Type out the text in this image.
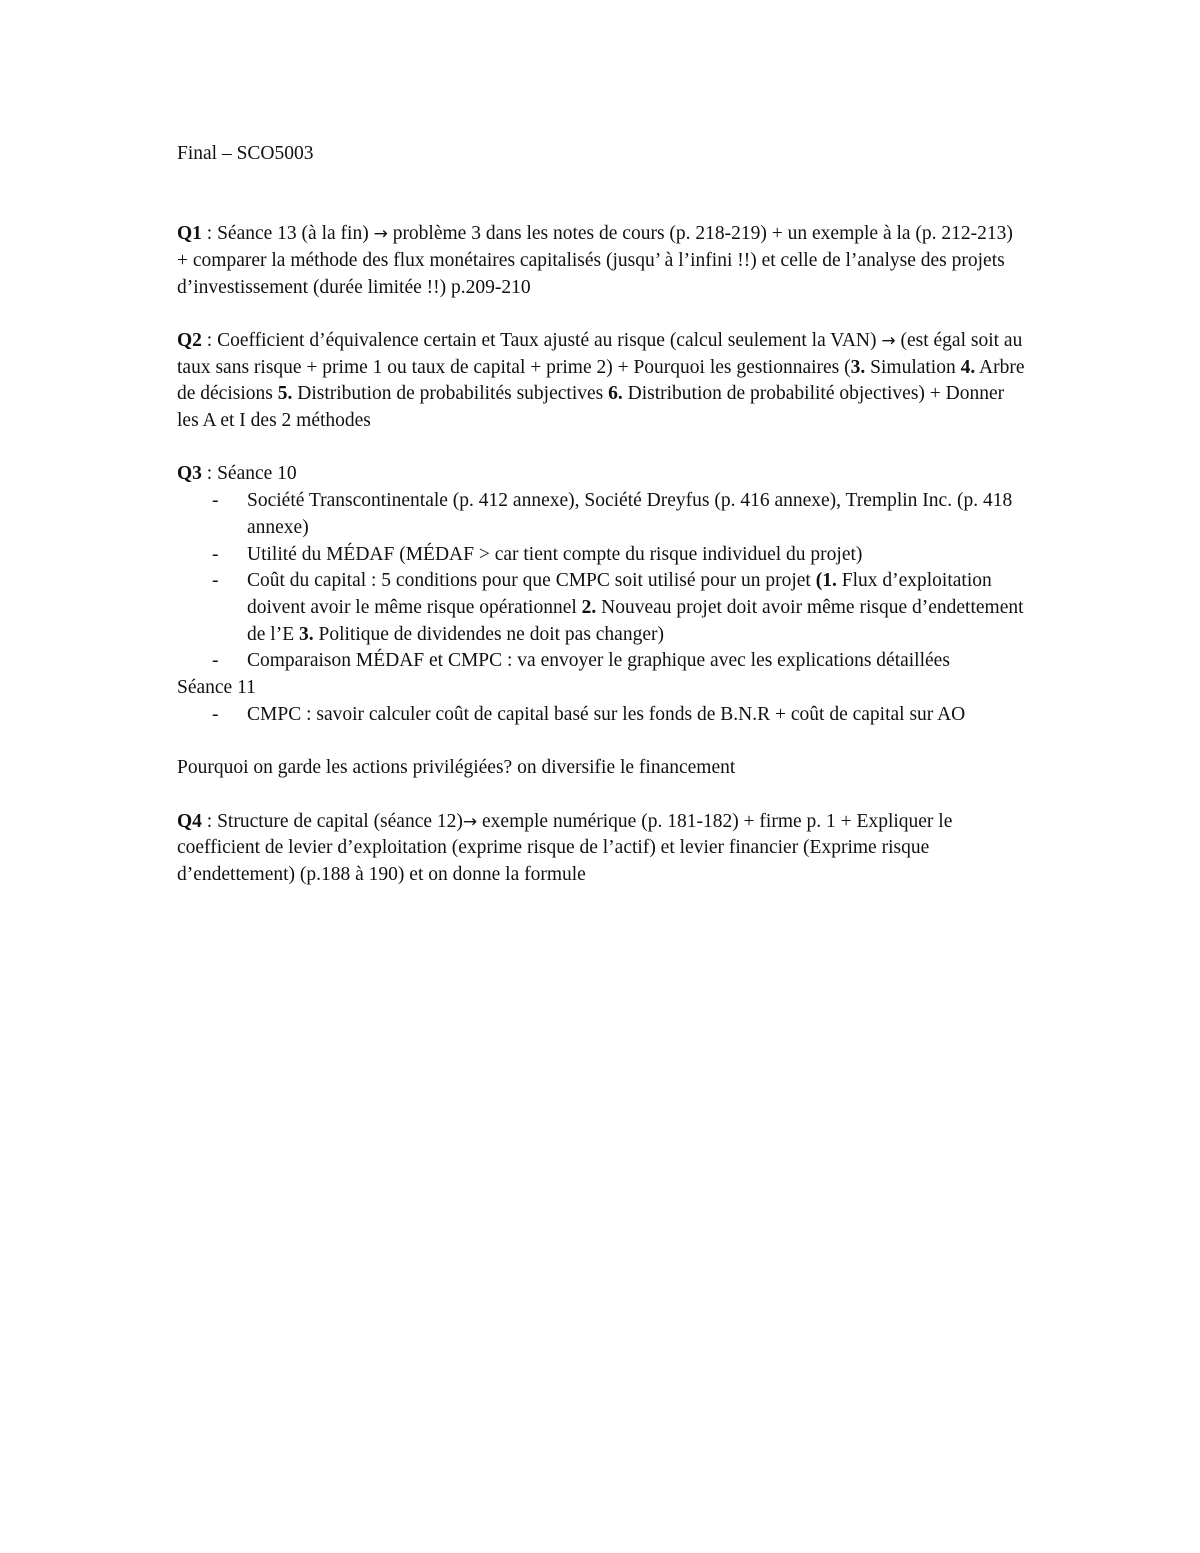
Final – SCO5003

Q1 : Séance 13 (à la fin) → problème 3 dans les notes de cours (p. 218-219) + un exemple à la (p. 212-213) + comparer la méthode des flux monétaires capitalisés (jusqu’ à l’infini !!) et celle de l’analyse des projets d’investissement (durée limitée !!) p.209-210

Q2 : Coefficient d’équivalence certain et Taux ajusté au risque (calcul seulement la VAN) → (est égal soit au taux sans risque + prime 1 ou taux de capital + prime 2) + Pourquoi les gestionnaires (3. Simulation 4. Arbre de décisions 5. Distribution de probabilités subjectives 6. Distribution de probabilité objectives) + Donner les A et I des 2 méthodes

Q3 : Séance 10

- Société Transcontinentale (p. 412 annexe), Société Dreyfus (p. 416 annexe), Tremplin Inc. (p. 418 annexe)
- Utilité du MÉDAF (MÉDAF > car tient compte du risque individuel du projet)
- Coût du capital : 5 conditions pour que CMPC soit utilisé pour un projet (1. Flux d’exploitation doivent avoir le même risque opérationnel 2. Nouveau projet doit avoir même risque d’endettement de l’E 3. Politique de dividendes ne doit pas changer)
- Comparaison MÉDAF et CMPC : va envoyer le graphique avec les explications détaillées

Séance 11

- CMPC : savoir calculer coût de capital basé sur les fonds de B.N.R + coût de capital sur AO

Pourquoi on garde les actions privilégiées? on diversifie le financement

Q4 : Structure de capital (séance 12)→ exemple numérique (p. 181-182) + firme p. 1 + Expliquer le coefficient de levier d’exploitation (exprime risque de l’actif) et levier financier (Exprime risque d’endettement) (p.188 à 190) et on donne la formule
